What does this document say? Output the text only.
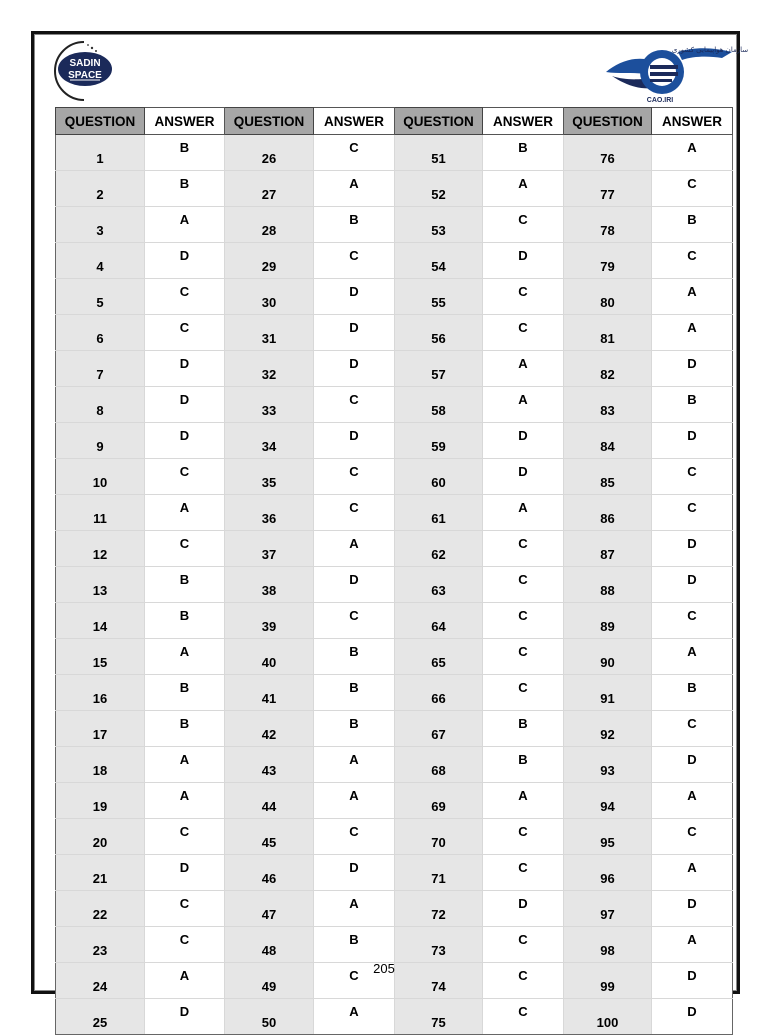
SADIN
SPACE
سازمان هواپیمایی کشوری
CAO.IRI
QUESTION	ANSWER	QUESTION	ANSWER	QUESTION	ANSWER	QUESTION	ANSWER
1	B	26	C	51	B	76	A
2	B	27	A	52	A	77	C
3	A	28	B	53	C	78	B
4	D	29	C	54	D	79	C
5	C	30	D	55	C	80	A
6	C	31	D	56	C	81	A
7	D	32	D	57	A	82	D
8	D	33	C	58	A	83	B
9	D	34	D	59	D	84	D
10	C	35	C	60	D	85	C
11	A	36	C	61	A	86	C
12	C	37	A	62	C	87	D
13	B	38	D	63	C	88	D
14	B	39	C	64	C	89	C
15	A	40	B	65	C	90	A
16	B	41	B	66	C	91	B
17	B	42	B	67	B	92	C
18	A	43	A	68	B	93	D
19	A	44	A	69	A	94	A
20	C	45	C	70	C	95	C
21	D	46	D	71	C	96	A
22	C	47	A	72	D	97	D
23	C	48	B	73	C	98	A
24	A	49	C	74	C	99	D
25	D	50	A	75	C	100	D
205
